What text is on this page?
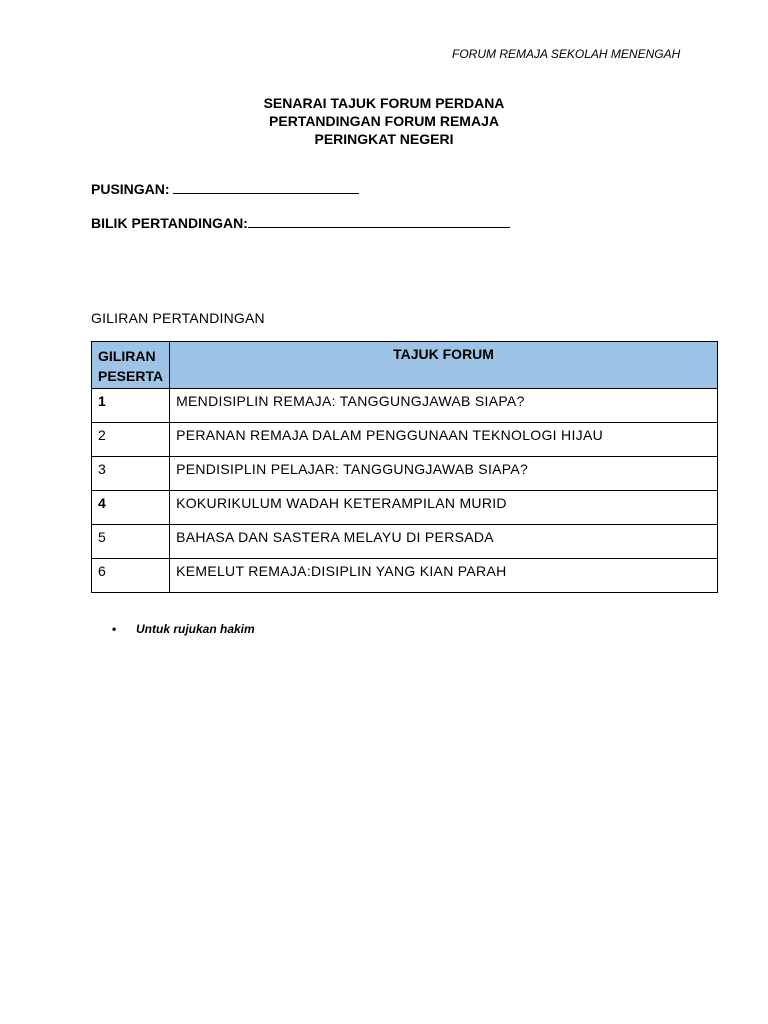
FORUM REMAJA SEKOLAH MENENGAH
SENARAI TAJUK FORUM PERDANA
PERTANDINGAN FORUM REMAJA
PERINGKAT NEGERI
PUSINGAN:
BILIK PERTANDINGAN:
GILIRAN PERTANDINGAN
GILIRAN PESERTA	TAJUK FORUM
1	MENDISIPLIN REMAJA: TANGGUNGJAWAB SIAPA?
2	PERANAN REMAJA DALAM PENGGUNAAN TEKNOLOGI HIJAU
3	PENDISIPLIN PELAJAR: TANGGUNGJAWAB SIAPA?
4	KOKURIKULUM WADAH KETERAMPILAN MURID
5	BAHASA DAN SASTERA MELAYU DI PERSADA
6	KEMELUT REMAJA:DISIPLIN YANG KIAN PARAH
• Untuk rujukan hakim
